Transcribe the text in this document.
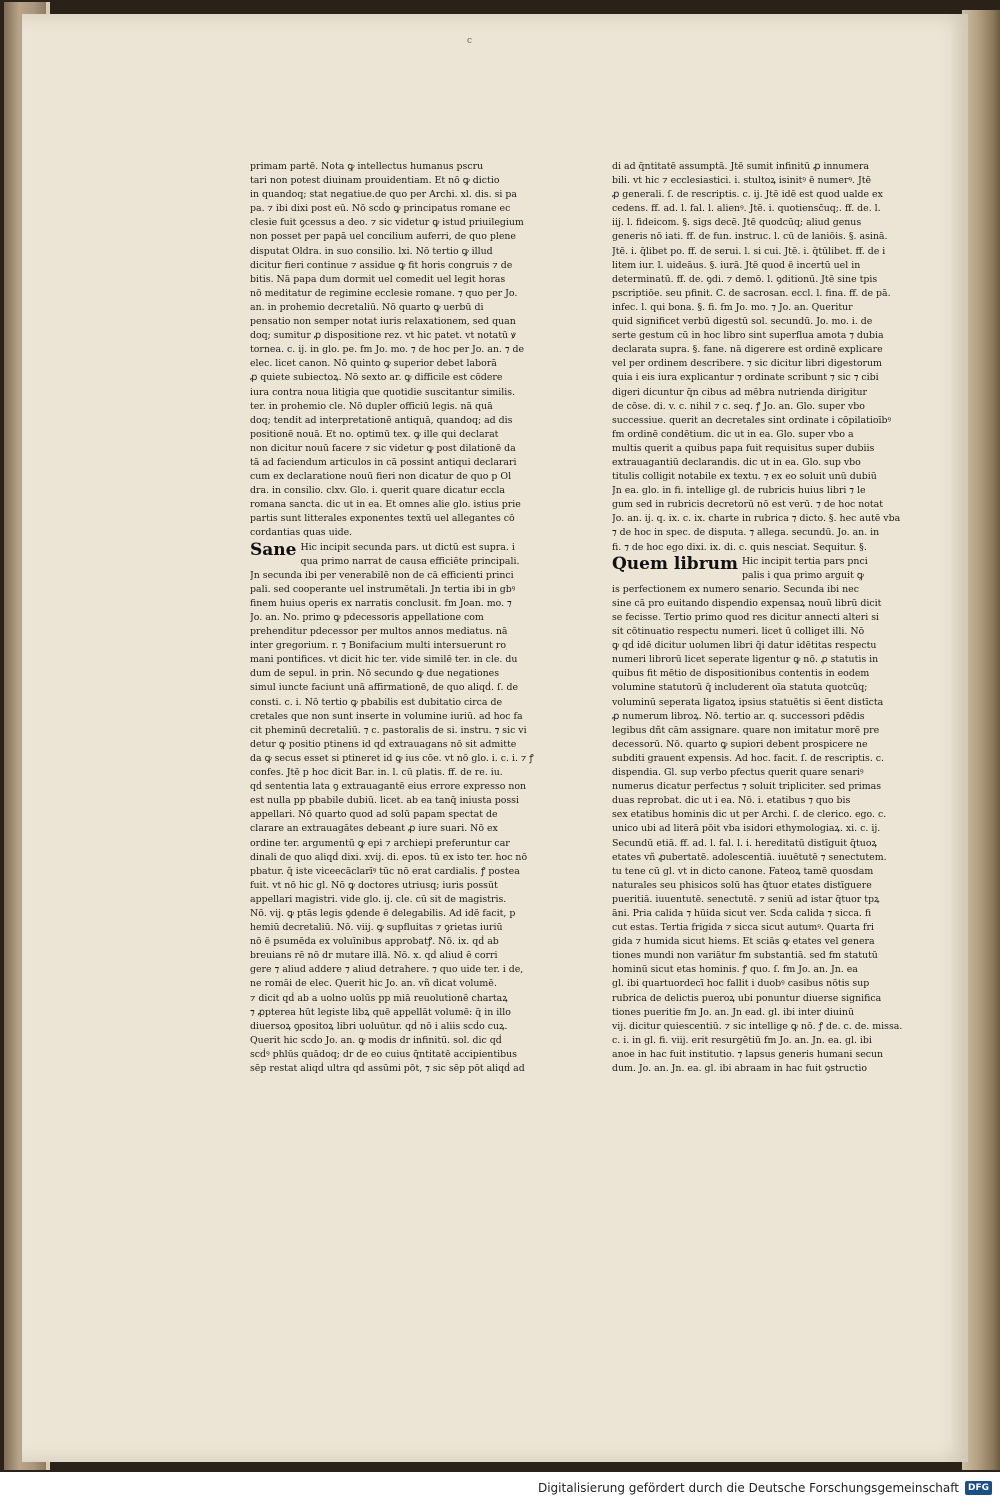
c

primam partē. Nota ꝙ intellectus humanus pscru

tari non potest diuinam prouidentiam. Et nō ꝙ dictio

in quandoq; stat negatiue.de quo per Archi. xl. dis. si pa

pa. ⁊ ibi dixi post eū. Nō scḋo ꝙ principatus romane ec

clesie fuit ꝯcessus a deo. ⁊ sic videtur ꝙ istud priuilegium

non posset per papā uel concilium auferri, de quo plene

disputat Oldra. in suo consilio. lxi. Nō tertio ꝙ illud

dicitur fieri continue ⁊ assidue ꝙ fit horis congruis ⁊ de

bitis. Nā papa dum dormit uel comedit uel legit horas

nō meditatur de regimine ecclesie romane. ⁊ quo per Jo.

an. in prohemio decretaliū. Nō quarto ꝙ uerbū di

pensatio non semper notat iuris relaxationem, sed quan

doq; sumitur ꝓ dispositione rez. vt hic patet. vt notatū ꝟ

tornea. c. ij. in glo. pe. fm Jo. mo. ⁊ de hoc per Jo. an. ⁊ de

elec. licet canon. Nō quinto ꝙ superior debet laborā

ꝓ quiete subiectoꝝ. Nō sexto ar. ꝙ difficile est cōdere

iura contra noua litigia que quotidie suscitantur similis.

ter. in prohemio cle. Nō dupler officiū legis. nā quā

doq; tendit ad interpretationē antiquā, quandoq; ad dis

positionē nouā. Et no. optimū tex. ꝙ ille qui declarat

non dicitur nouū facere ⁊ sic videtur ꝙ post dilationē da

tā ad faciendum articulos in cā possint antiqui declarari

cum ex declaratione nouū fieri non dicatur de quo p Ol

dra. in consilio. clxv. Glo. i. querit quare dicatur eccla

romana sancta. dic ut in ea. Et omnes alie glo. istius prie

partis sunt litterales exponentes textū uel allegantes cō

cordantias quas uide.

Sane Hic incipit secunda pars. ut dictū est supra. i

qua primo narrat de causa efficiēte principali.

Jn secunda ibi per venerabilē non de cā efficienti princi

pali. sed cooperante uel instrumētali. Jn tertia ibi in gbꝰ

finem huius operis ex narratis conclusit. fm Joan. mo. ⁊

Jo. an. No. primo ꝙ pdecessoris appellatione com

prehenditur pdecessor per multos annos mediatus. nā

inter gregorium. r. ⁊ Bonifacium multi intersuerunt ro

mani pontifices. vt dicit hic ter. vide similē ter. in cle. du

dum de sepul. in prin. Nō secundo ꝙ due negationes

simul iuncte faciunt unā affirmationē, de quo aliqḋ. ſ. de

consti. c. i. Nō tertio ꝙ pbabilis est dubitatio circa de

cretales que non sunt inserte in volumine iuriū. ad hoc fa

cit pheminū decretaliū. ⁊ c. pastoralis de si. instru. ⁊ sic vi

detur ꝙ positio ptinens id qḋ extrauagans nō sit admitte

da ꝙ secus esset si ptineret id ꝙ ius cōe. vt nō glo. i. c. i. ⁊ ꝭ

confes. Jtē p hoc dicit Bar. in. l. cū platis. ff. de re. iu.

qḋ sententia lata ꝯ extrauagantē eius errore expresso non

est nulla pp pbabile dubiū. licet. ab ea tanq̄ iniusta possi

appellari. Nō quarto quod ad solū papam spectat de

clarare an extrauagātes debeant ꝓ iure suari. Nō ex

ordine ter. argumentū ꝙ epi ⁊ archiepi preferuntur car

dinali de quo aliqḋ dixi. xvij. di. epos. tū ex isto ter. hoc nō

pbatur. q̄ iste viceecāclarīꝰ tūc nō erat cardialis. ꝭ postea

fuit. vt nō hic gl. Nō ꝙ doctores utriusq; iuris possūt

appellari magistri. vide glo. ij. cle. cū sit de magistris.

Nō. vij. ꝙ ptās legis ꝯdende ē delegabilis. Ad idē facit, p

hemiū decretaliū. Nō. viij. ꝙ supfluitas ⁊ ꝯrietas iuriū

nō ē psumēda ex voluīnibus approbatꝭ. Nō. ix. qḋ ab

breuians rē nō dr mutare illā. Nō. x. qḋ aliud ē corri

gere ⁊ aliud addere ⁊ aliud detrahere. ⁊ quo uide ter. i de,

ne romāi de elec. Querit hic Jo. an. vñ dicat volumē.

⁊ dicit qḋ ab a uolno uolūs pp miā reuolutionē chartaꝝ

⁊ ꝓpterea hūt legiste libꝝ quē appellāt volumē: q̄ in illo

diuersoꝝ ꝯpositoꝝ libri uoluūtur. qḋ nō i aliis scḋo cuꝝ.

Querit hic scḋo Jo. an. ꝙ modis dr infinitū. sol. dic qḋ

scḋꝰ phlūs quādoq; dr de eo cuius q̄ntitatē accipientibus

sēp restat aliqḋ ultra qḋ assūmi pōt, ⁊ sic sēp pōt aliqḋ ad

di ad q̄ntitatē assumptā. Jtē sumit infinitū ꝓ innumera

bili. vt hic ⁊ ecclesiastici. i. stultoꝝ isinitꝰ ē numerꝰ. Jtē

ꝓ generali. ſ. de rescriptis. c. ij. Jtē idē est quod ualde ex

cedens. ff. ad. l. fal. l. alienꝰ. Jtē. i. quotiensc̄uq;. ff. de. l.

iij. l. fideicom. §. sigs decē. Jtē quodcūq; aliud genus

generis nō iati. ff. de fun. instruc. l. cū de laniōis. §. asinā.

Jtē. i. q̄libet po. ff. de serui. l. si cui. Jtē. i. q̄tūlibet. ff. de i

litem iur. l. uideāus. §. iurā. Jtē quod ē incertū uel in

determinatū. ff. de. ꝯdi. ⁊ demō. l. ꝯditionū. Jtē sine tpis

pscriptiōe. seu pfinit. C. de sacrosan. eccl. l. fina. ff. de pā.

infec. l. qui bona. §. fi. fm Jo. mo. ⁊ Jo. an. Queritur

quid significet verbū digestū sol. secundū. Jo. mo. i. de

serte gestum cū in hoc libro sint superflua amota ⁊ dubia

declarata supra. §. fane. nā digerere est ordinē explicare

vel per ordinem describere. ⁊ sic dicitur libri digestorum

quia i eis iura explicantur ⁊ ordinate scribunt ⁊ sic ⁊ cibi

digeri dicuntur q̄n cibus ad mēbra nutrienda dirigitur

de cōse. di. v. c. nihil ⁊ c. seq. ꝭ Jo. an. Glo. super vbo

successiue. querit an decretales sint ordinate i cōpilatioībꝰ

fm ordinē condētium. dic ut in ea. Glo. super vbo a

multis querit a quibus papa fuit requisitus super dubiis

extrauagantiū declarandis. dic ut in ea. Glo. sup vbo

titulis colligit notabile ex textu. ⁊ ex eo soluit unū dubiū

Jn ea. glo. in fi. intellige gl. de rubricis huius libri ⁊ le

gum sed in rubricis decretorū nō est verū. ⁊ de hoc notat

Jo. an. ij. q. ix. c. ix. charte in rubrica ⁊ dicto. §. hec autē vba

⁊ de hoc in spec. de disputa. ⁊ allega. secundū. Jo. an. in

fi. ⁊ de hoc ego dixi. ix. di. c. quis nesciat. Sequitur. §.

Quem librum Hic incipit tertia pars pnci

palis i qua primo arguit ꝙ

is perfectionem ex numero senario. Secunda ibi nec

sine cā pro euitando dispendio expensaꝝ nouū librū dicit

se fecisse. Tertio primo quod res dicitur annecti alteri si

sit cōtinuatio respectu numeri. licet ū colliget illi. Nō

ꝙ qḋ idē dicitur uolumen libri q̄i datur idētitas respectu

numeri librorū licet seperate ligentur ꝙ nō. ꝓ statutis in

quibus fit mētio de dispositionibus contentis in eodem

volumine statutorū q̄ includerent oīa statuta quotcūq;

voluminū seperata ligatoꝝ ipsius statuētis si ēent distīcta

ꝓ numerum libroꝝ. Nō. tertio ar. q. successori pdēdis

legibus dñt cām assignare. quare non imitatur morē pre

decessorū. Nō. quarto ꝙ supiori debent prospicere ne

subditi grauent expensis. Ad hoc. facit. ſ. de rescriptis. c.

dispendia. Gl. sup verbo pfectus querit quare senariꝰ

numerus dicatur perfectus ⁊ soluit tripliciter. sed primas

duas reprobat. dic ut i ea. Nō. i. etatibus ⁊ quo bis

sex etatibus hominis dic ut per Archi. ſ. de clerico. ego. c.

unico ubi ad literā pōit vba isidori ethymologiaꝝ. xi. c. ij.

Secundū etiā. ff. ad. l. fal. l. i. hereditatū distīguit q̄tuoꝝ

etates vñ ꝓubertatē. adolescentiā. iuuētutē ⁊ senectutem.

tu tene cū gl. vt in dicto canone. Fateoꝝ tamē quosdam

naturales seu phisicos solū has q̄tuor etates distīguere

pueritiā. iuuentutē. senectutē. ⁊ seniū ad istar q̄tuor tpꝝ

āni. Pria calida ⁊ hūida sicut ver. Scḋa calida ⁊ sicca. fi

cut estas. Tertia frigida ⁊ sicca sicut autumꝰ. Quarta fri

gida ⁊ humida sicut hiems. Et sciās ꝙ etates vel genera

tiones mundi non variātur fm substantiā. sed fm statutū

hominū sicut etas hominis. ꝭ quo. ſ. fm Jo. an. Jn. ea

gl. ibi quartuordecī hoc fallit i duobꝰ casibus nōtis sup

rubrica de delictis pueroꝝ ubi ponuntur diuerse significa

tiones pueritie fm Jo. an. Jn ead. gl. ibi inter diuinū

vij. dicitur quiescentiū. ⁊ sic intellige ꝙ nō. ꝭ de. c. de. missa.

c. i. in gl. fi. viij. erit resurgētiū fm Jo. an. Jn. ea. gl. ibi

anoe in hac fuit institutio. ⁊ lapsus generis humani secun

dum. Jo. an. Jn. ea. gl. ibi abraam in hac fuit ꝯstructio

Digitalisierung gefördert durch die Deutsche Forschungsgemeinschaft	DFG
